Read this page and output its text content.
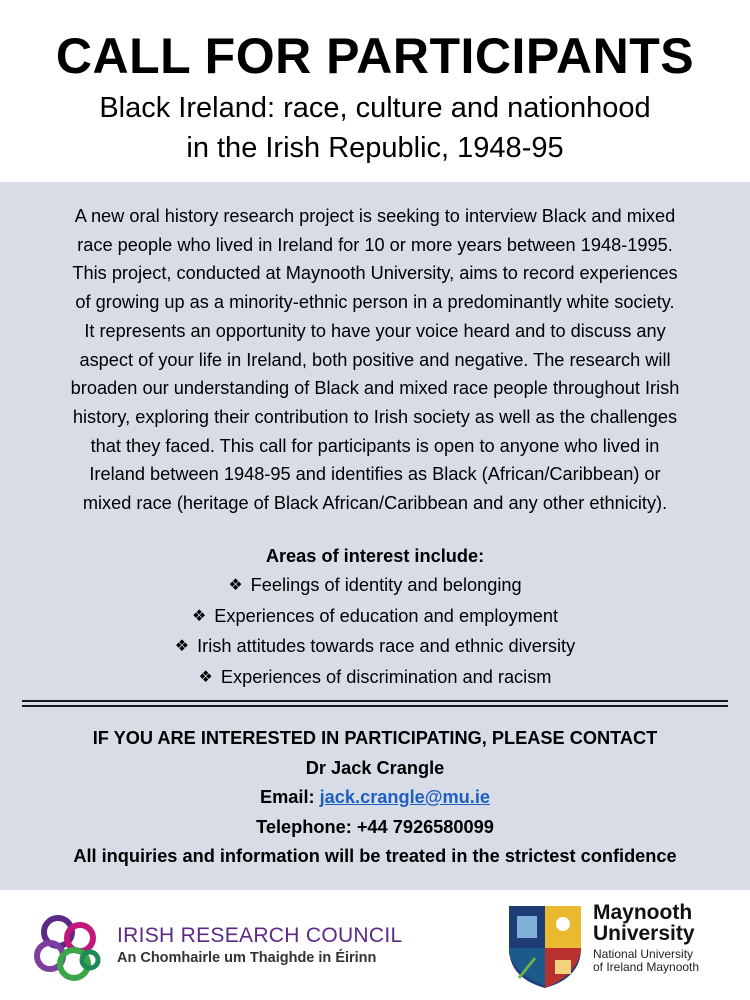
CALL FOR PARTICIPANTS
Black Ireland: race, culture and nationhood
in the Irish Republic, 1948-95
A new oral history research project is seeking to interview Black and mixed
race people who lived in Ireland for 10 or more years between 1948-1995.
This project, conducted at Maynooth University, aims to record experiences
of growing up as a minority-ethnic person in a predominantly white society.
It represents an opportunity to have your voice heard and to discuss any
aspect of your life in Ireland, both positive and negative. The research will
broaden our understanding of Black and mixed race people throughout Irish
history, exploring their contribution to Irish society as well as the challenges
that they faced. This call for participants is open to anyone who lived in
Ireland between 1948-95 and identifies as Black (African/Caribbean) or
mixed race (heritage of Black African/Caribbean and any other ethnicity).
Areas of interest include:
❖ Feelings of identity and belonging
❖ Experiences of education and employment
❖ Irish attitudes towards race and ethnic diversity
❖ Experiences of discrimination and racism
IF YOU ARE INTERESTED IN PARTICIPATING, PLEASE CONTACT
Dr Jack Crangle
Email: jack.crangle@mu.ie
Telephone: +44 7926580099
All inquiries and information will be treated in the strictest confidence
IRISH RESEARCH COUNCIL
An Chomhairle um Thaighde in Éirinn
Maynooth
University
National University
of Ireland Maynooth
